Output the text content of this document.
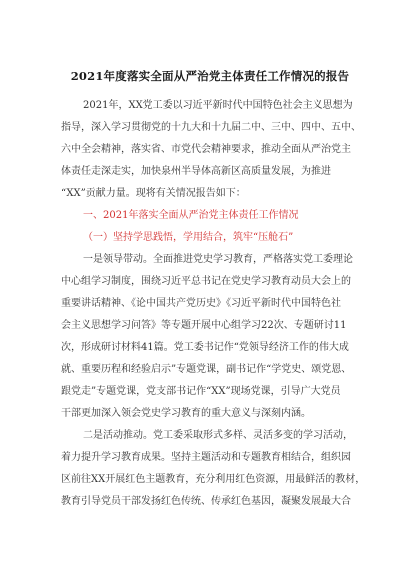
2021年度落实全面从严治党主体责任工作情况的报告
2021年，XX党工委以习近平新时代中国特色社会主义思想为
指导，深入学习贯彻党的十九大和十九届二中、三中、四中、五中、
六中全会精神，落实省、市党代会精神要求，推动全面从严治党主
体责任走深走实，加快泉州半导体高新区高质量发展，为推进
“XX”贡献力量。现将有关情况报告如下：
一、2021年落实全面从严治党主体责任工作情况
（一）坚持学思践悟，学用结合，筑牢“压舱石”
一是领导带动。全面推进党史学习教育，严格落实党工委理论
中心组学习制度，围绕习近平总书记在党史学习教育动员大会上的
重要讲话精神、《论中国共产党历史》《习近平新时代中国特色社
会主义思想学习问答》等专题开展中心组学习22次、专题研讨11
次，形成研讨材料41篇。党工委书记作“党领导经济工作的伟大成
就、重要历程和经验启示”专题党课，副书记作“学党史、颂党恩、
跟党走”专题党课，党支部书记作“XX”现场党课，引导广大党员
干部更加深入领会党史学习教育的重大意义与深刻内涵。
二是活动推动。党工委采取形式多样、灵活多变的学习活动，
着力提升学习教育成果。坚持主题活动和专题教育相结合，组织园
区前往XX开展红色主题教育，充分利用红色资源，用最鲜活的教材，
教育引导党员干部发扬红色传统、传承红色基因，凝聚发展最大合
